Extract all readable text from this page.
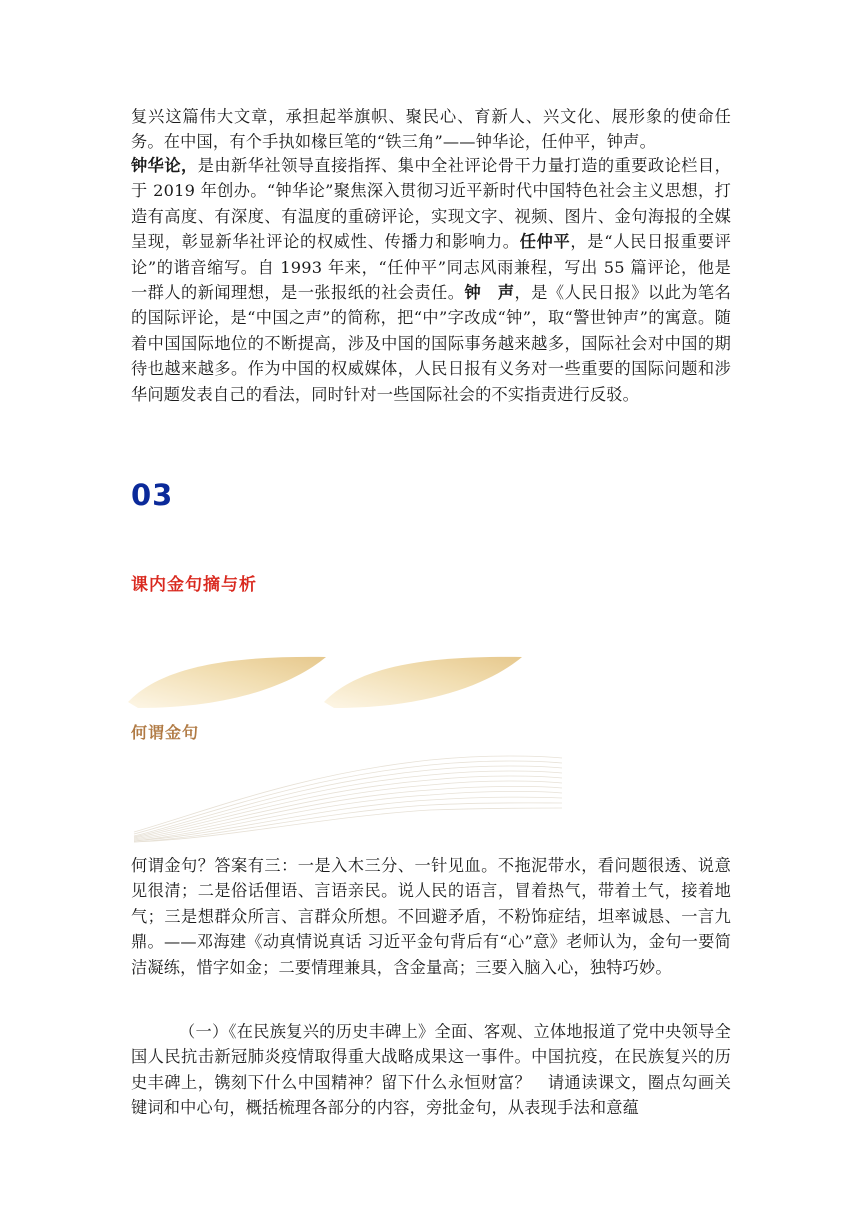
复兴这篇伟大文章，承担起举旗帜、聚民心、育新人、兴文化、展形象的使命任务。在中国，有个手执如椽巨笔的“铁三角”——钟华论，任仲平，钟声。

钟华论，是由新华社领导直接指挥、集中全社评论骨干力量打造的重要政论栏目，于 2019 年创办。“钟华论”聚焦深入贯彻习近平新时代中国特色社会主义思想，打造有高度、有深度、有温度的重磅评论，实现文字、视频、图片、金句海报的全媒呈现，彰显新华社评论的权威性、传播力和影响力。任仲平，是“人民日报重要评论”的谐音缩写。自 1993 年来，“任仲平”同志风雨兼程，写出 55 篇评论，他是一群人的新闻理想，是一张报纸的社会责任。钟　声，是《人民日报》以此为笔名的国际评论，是“中国之声”的简称，把“中”字改成“钟”，取“警世钟声”的寓意。随着中国国际地位的不断提高，涉及中国的国际事务越来越多，国际社会对中国的期待也越来越多。作为中国的权威媒体，人民日报有义务对一些重要的国际问题和涉华问题发表自己的看法，同时针对一些国际社会的不实指责进行反驳。

03
课内金句摘与析
何谓金句

何谓金句？答案有三：一是入木三分、一针见血。不拖泥带水，看问题很透、说意见很清；二是俗话俚语、言语亲民。说人民的语言，冒着热气，带着土气，接着地气；三是想群众所言、言群众所想。不回避矛盾，不粉饰症结，坦率诚恳、一言九鼎。——邓海建《动真情说真话 习近平金句背后有“心”意》老师认为，金句一要简洁凝练，惜字如金；二要情理兼具，含金量高；三要入脑入心，独特巧妙。

（一）《在民族复兴的历史丰碑上》全面、客观、立体地报道了党中央领导全国人民抗击新冠肺炎疫情取得重大战略成果这一事件。中国抗疫，在民族复兴的历史丰碑上，镌刻下什么中国精神？留下什么永恒财富？　请通读课文，圈点勾画关键词和中心句，概括梳理各部分的内容，旁批金句，从表现手法和意蕴
